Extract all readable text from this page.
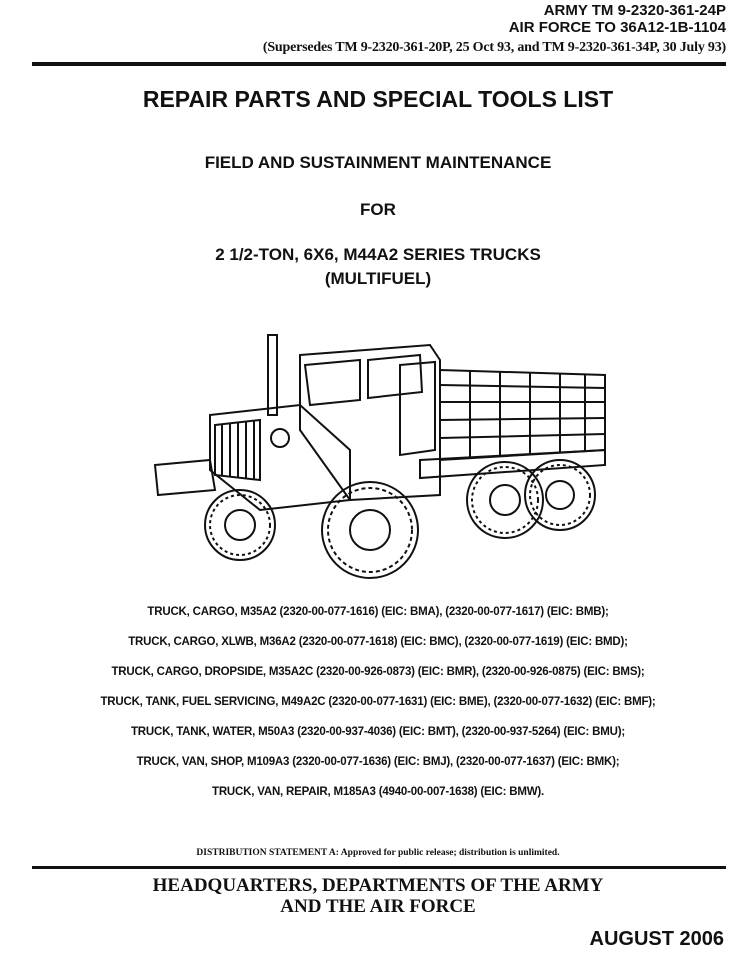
ARMY TM 9-2320-361-24P
AIR FORCE TO 36A12-1B-1104
(Supersedes TM 9-2320-361-20P, 25 Oct 93, and TM 9-2320-361-34P, 30 July 93)
REPAIR PARTS AND SPECIAL TOOLS LIST
FIELD AND SUSTAINMENT MAINTENANCE
FOR
2 1/2-TON, 6X6, M44A2 SERIES TRUCKS
(MULTIFUEL)
TRUCK, CARGO, M35A2 (2320-00-077-1616) (EIC: BMA), (2320-00-077-1617) (EIC: BMB);
TRUCK, CARGO, XLWB, M36A2 (2320-00-077-1618) (EIC: BMC), (2320-00-077-1619) (EIC: BMD);
TRUCK, CARGO, DROPSIDE, M35A2C (2320-00-926-0873) (EIC: BMR), (2320-00-926-0875) (EIC: BMS);
TRUCK, TANK, FUEL SERVICING, M49A2C (2320-00-077-1631) (EIC: BME), (2320-00-077-1632) (EIC: BMF);
TRUCK, TANK, WATER, M50A3 (2320-00-937-4036) (EIC: BMT), (2320-00-937-5264) (EIC: BMU);
TRUCK, VAN, SHOP, M109A3 (2320-00-077-1636) (EIC: BMJ), (2320-00-077-1637) (EIC: BMK);
TRUCK, VAN, REPAIR, M185A3 (4940-00-007-1638) (EIC: BMW).
DISTRIBUTION STATEMENT A: Approved for public release; distribution is unlimited.
HEADQUARTERS, DEPARTMENTS OF THE ARMY
AND THE AIR FORCE
AUGUST 2006
